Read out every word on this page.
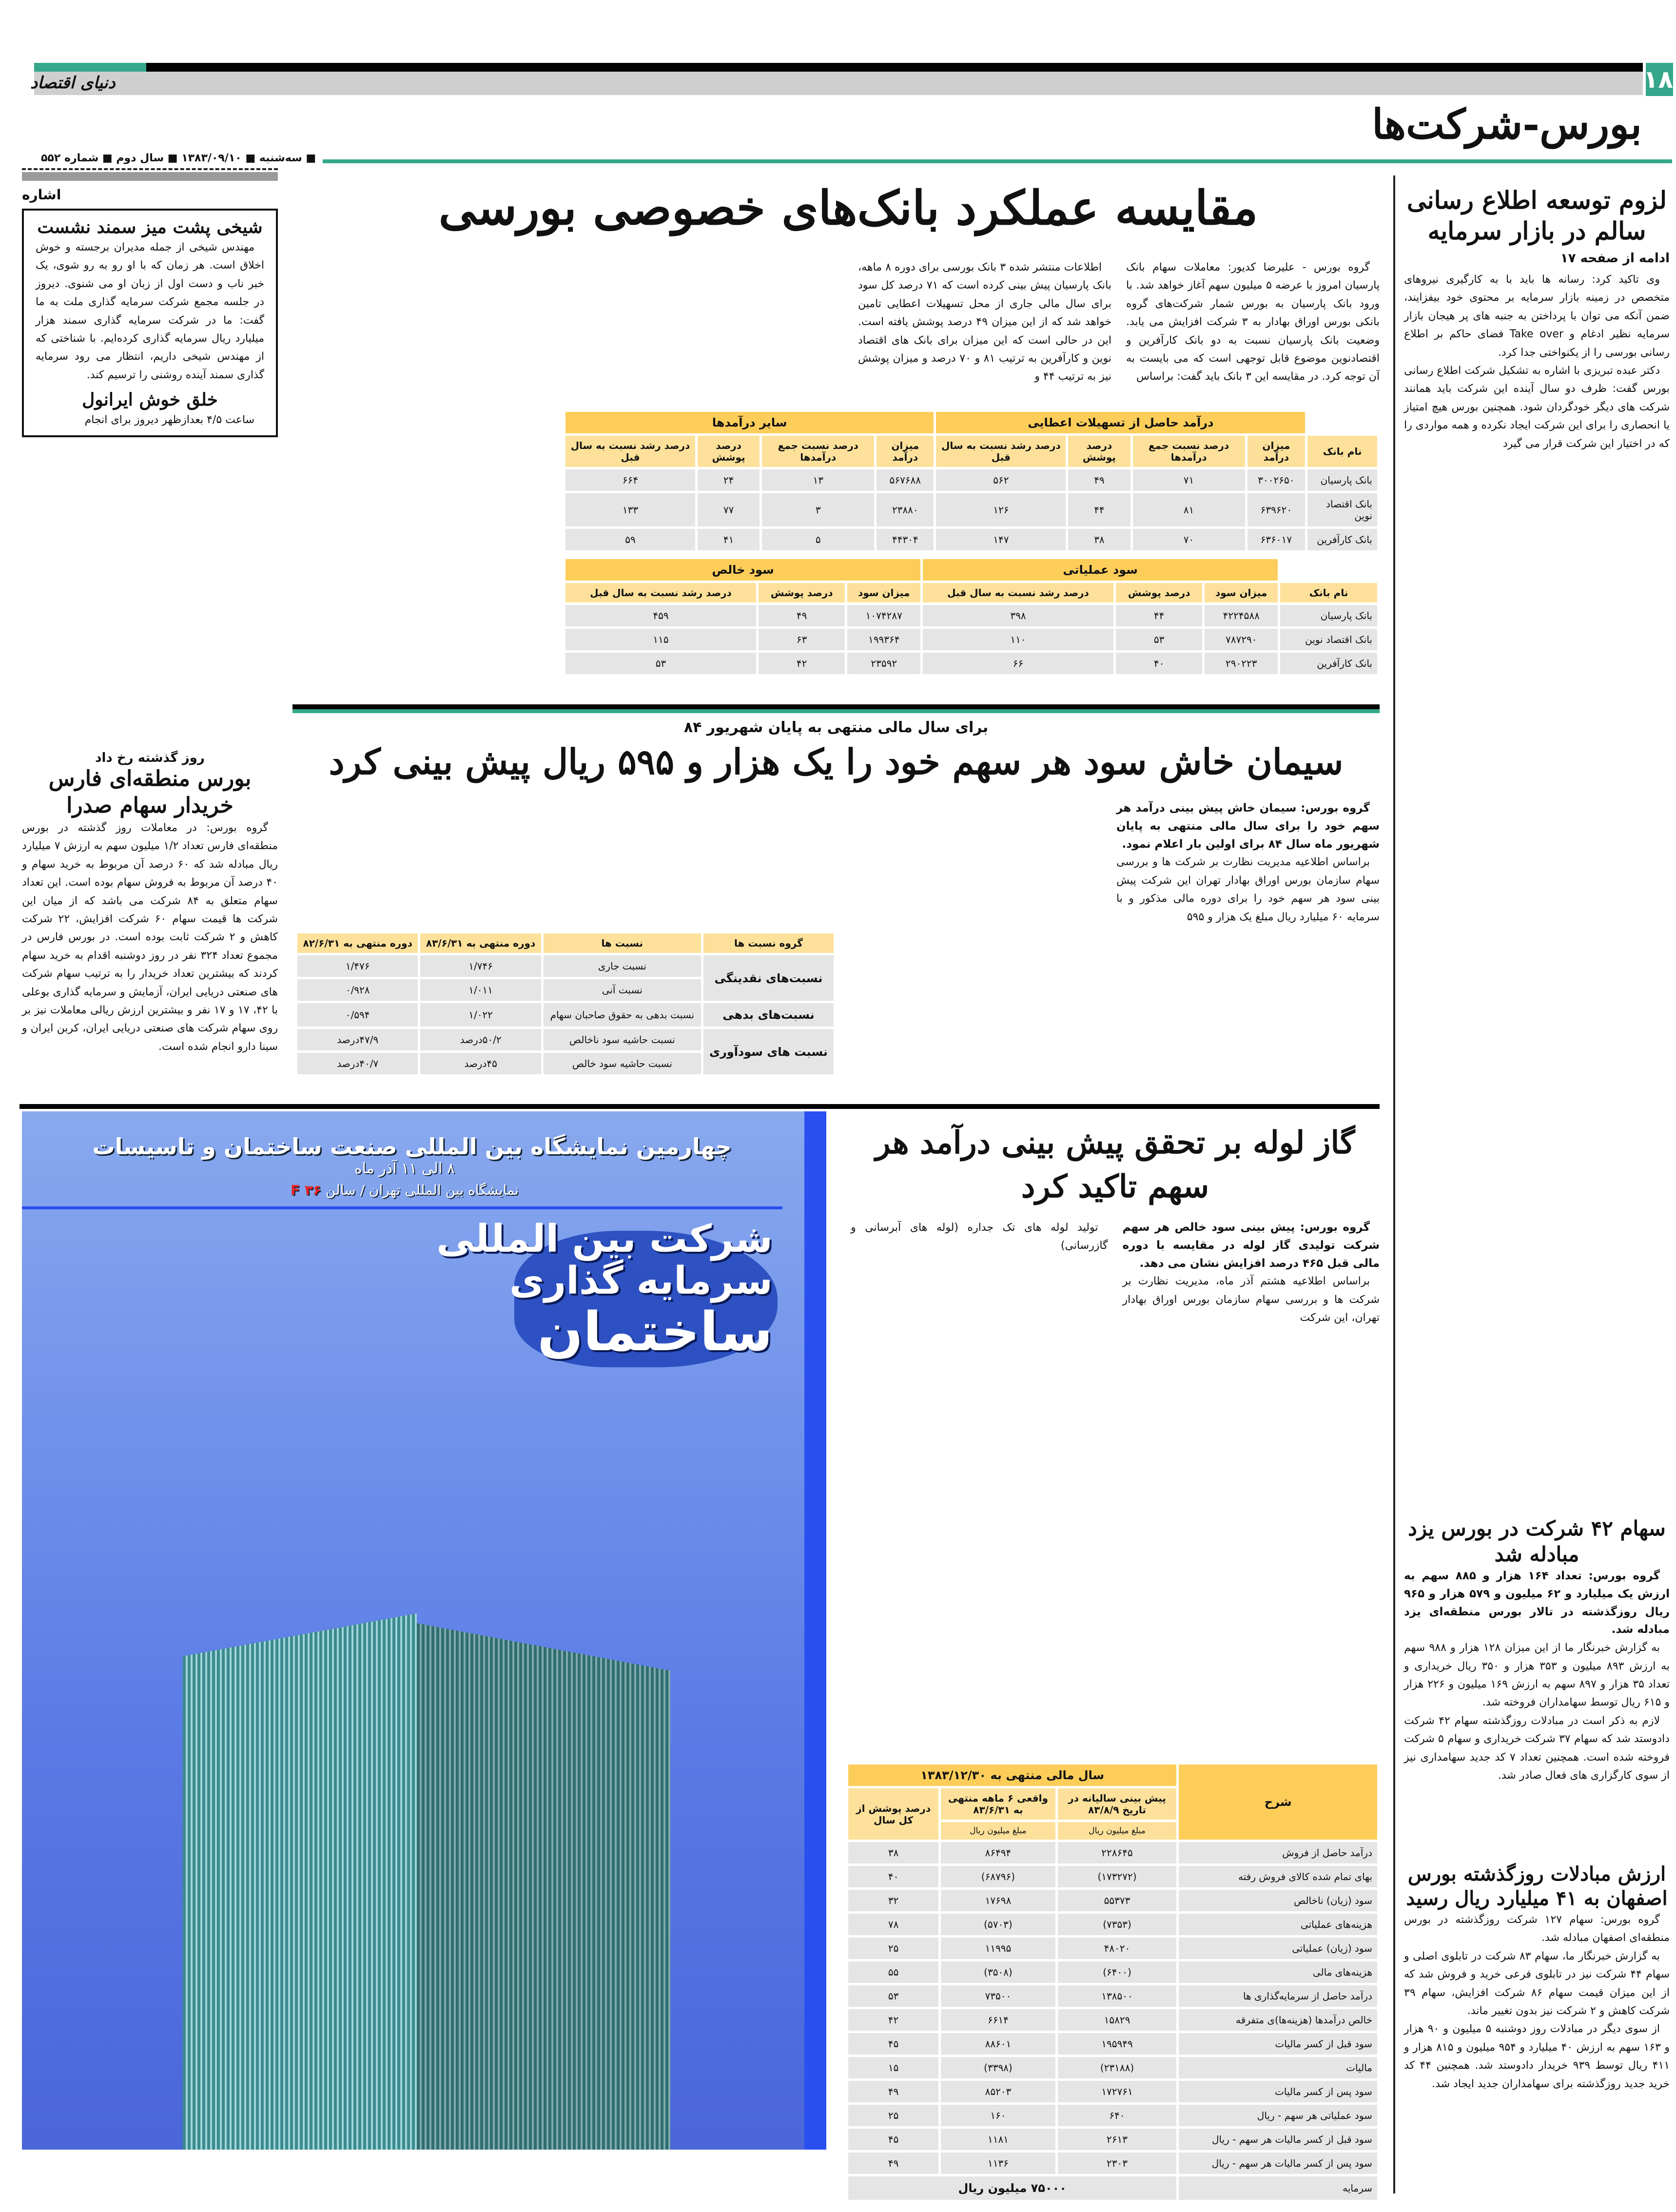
۱۸
دنیای اقتصاد
بورس-شرکت‌ها
■ سه‌شنبه ■ ۱۳۸۳/۰۹/۱۰ ■ سال دوم ■ شماره ۵۵۲
لزوم توسعه اطلاع رسانی سالم در بازار سرمایه
ادامه از صفحه ۱۷

وی تاکید کرد: رسانه ها باید با به کارگیری نیروهای متخصص در زمینه بازار سرمایه بر محتوی خود بیفزایند، ضمن آنکه می توان با پرداختن به جنبه های پر هیجان بازار سرمایه نظیر ادغام و Take over فضای حاکم بر اطلاع رسانی بورسی را از یکنواختی جدا کرد.

دکتر عبده تبریزی با اشاره به تشکیل شرکت اطلاع رسانی بورس گفت: ظرف دو سال آینده این شرکت باید همانند شرکت های دیگر خودگردان شود. همچنین بورس هیچ امتیاز یا انحصاری را برای این شرکت ایجاد نکرده و همه مواردی را که در اختیار این شرکت قرار می گیرد

سهام ۴۲ شرکت در بورس یزد مبادله شد

گروه بورس: تعداد ۱۶۴ هزار و ۸۸۵ سهم به ارزش یک میلیارد و ۶۲ میلیون و ۵۷۹ هزار و ۹۶۵ ریال روزگذشته در تالار بورس منطقه‌ای یزد مبادله شد.

به گزارش خبرنگار ما از این میزان ۱۲۸ هزار و ۹۸۸ سهم به ارزش ۸۹۳ میلیون و ۳۵۳ هزار و ۳۵۰ ریال خریداری و تعداد ۳۵ هزار و ۸۹۷ سهم به ارزش ۱۶۹ میلیون و ۲۲۶ هزار و ۶۱۵ ریال توسط سهامداران فروخته شد.

لازم به ذکر است در مبادلات روزگذشته سهام ۴۲ شرکت دادوستد شد که سهام ۳۷ شرکت خریداری و سهام ۵ شرکت فروخته شده است. همچنین تعداد ۷ کد جدید سهامداری نیز از سوی کارگزاری های فعال صادر شد.

ارزش مبادلات روزگذشته بورس اصفهان به ۴۱ میلیارد ریال رسید

گروه بورس: سهام ۱۲۷ شرکت روزگذشته در بورس منطقه‌ای اصفهان مبادله شد.

به گزارش خبرنگار ما، سهام ۸۳ شرکت در تابلوی اصلی و سهام ۴۴ شرکت نیز در تابلوی فرعی خرید و فروش شد که از این میزان قیمت سهام ۸۶ شرکت افزایش، سهام ۳۹ شرکت کاهش و ۲ شرکت نیز بدون تغییر ماند.

از سوی دیگر در مبادلات روز دوشنبه ۵ میلیون و ۹۰ هزار و ۱۶۳ سهم به ارزش ۴۰ میلیارد و ۹۵۴ میلیون و ۸۱۵ هزار و ۴۱۱ ریال توسط ۹۳۹ خریدار دادوستد شد. همچنین ۴۴ کد خرید جدید روزگذشته برای سهامداران جدید ایجاد شد.

اشاره
شیخی پشت میز سمند نشست

مهندس شیخی از جمله مدیران برجسته و خوش اخلاق است. هر زمان که با او رو به رو شوی، یک خبر ناب و دست اول از زبان او می شنوی. دیروز در جلسه مجمع شرکت سرمایه گذاری ملت به ما گفت: ما در شرکت سرمایه گذاری سمند هزار میلیارد ریال سرمایه گذاری کرده‌ایم. با شناختی که از مهندس شیخی داریم، انتظار می رود سرمایه گذاری سمند آینده روشنی را ترسیم کند.

خلق خوش ایرانول

ساعت ۴/۵ بعدازظهر دیروز برای انجام

روز گذشته رخ داد
بورس منطقه‌ای فارس خریدار سهام صدرا

گروه بورس: در معاملات روز گذشته در بورس منطقه‌ای فارس تعداد ۱/۲ میلیون سهم به ارزش ۷ میلیارد ریال مبادله شد که ۶۰ درصد آن مربوط به خرید سهام و ۴۰ درصد آن مربوط به فروش سهام بوده است. این تعداد سهام متعلق به ۸۴ شرکت می باشد که از میان این شرکت ها قیمت سهام ۶۰ شرکت افزایش، ۲۲ شرکت کاهش و ۲ شرکت ثابت بوده است. در بورس فارس در مجموع تعداد ۳۲۴ نفر در روز دوشنبه اقدام به خرید سهام کردند که بیشترین تعداد خریدار را به ترتیب سهام شرکت های صنعتی دریایی ایران، آزمایش و سرمایه گذاری بوعلی با ۴۲، ۱۷ و ۱۷ نفر و بیشترین ارزش ریالی معاملات نیز بر روی سهام شرکت های صنعتی دریایی ایران، کربن ایران و سینا دارو انجام شده است.

مقایسه عملکرد بانک‌های خصوصی بورسی

گروه بورس - علیرضا کدیور: معاملات سهام بانک پارسیان امروز با عرضه ۵ میلیون سهم آغاز خواهد شد. با ورود بانک پارسیان به بورس شمار شرکت‌های گروه بانکی بورس اوراق بهادار به ۳ شرکت افزایش می یابد. وضعیت بانک پارسیان نسبت به دو بانک کارآفرین و اقتصادنوین موضوع قابل توجهی است که می بایست به آن توجه کرد. در مقایسه این ۳ بانک باید گفت: براساس

اطلاعات منتشر شده ۳ بانک بورسی برای دوره ۸ ماهه، بانک پارسیان پیش بینی کرده است که ۷۱ درصد کل سود برای سال مالی جاری از محل تسهیلات اعطایی تامین خواهد شد که از این میزان ۴۹ درصد پوشش یافته است. این در حالی است که این میزان برای بانک های اقتصاد نوین و کارآفرین به ترتیب ۸۱ و ۷۰ درصد و میزان پوشش نیز به ترتیب ۴۴ و

	درآمد حاصل از تسهیلات اعطایی				سایر درآمدها			
نام بانک	میزان درآمد	درصد نسبت جمع درآمدها	درصد پوشش	درصد رشد نسبت به سال قبل	میزان درآمد	درصد نسبت جمع درآمدها	درصد پوشش	درصد رشد نسبت به سال قبل
بانک پارسیان	۳۰۰۲۶۵۰	۷۱	۴۹	۵۶۲	۵۶۷۶۸۸	۱۳	۲۴	۶۶۴
بانک اقتصاد نوین	۶۳۹۶۲۰	۸۱	۴۴	۱۲۶	۲۳۸۸۰	۳	۷۷	۱۳۳
بانک کارآفرین	۶۳۶۰۱۷	۷۰	۳۸	۱۴۷	۴۴۳۰۴	۵	۴۱	۵۹
	سود عملیاتی			سود خالص		
نام بانک	میزان سود	درصد پوشش	درصد رشد نسبت به سال قبل	میزان سود	درصد پوشش	درصد رشد نسبت به سال قبل
بانک پارسیان	۴۲۲۴۵۸۸	۴۴	۳۹۸	۱۰۷۴۲۸۷	۴۹	۴۵۹
بانک اقتصاد نوین	۷۸۷۲۹۰	۵۳	۱۱۰	۱۹۹۳۶۴	۶۳	۱۱۵
بانک کارآفرین	۲۹۰۲۲۳	۴۰	۶۶	۲۳۵۹۲	۴۲	۵۳
برای سال مالی منتهی به پایان شهریور ۸۴
سیمان خاش سود هر سهم خود را یک هزار و ۵۹۵ ریال پیش بینی کرد

گروه بورس: سیمان خاش پیش بینی درآمد هر سهم خود را برای سال مالی منتهی به پایان شهریور ماه سال ۸۴ برای اولین بار اعلام نمود.

براساس اطلاعیه مدیریت نظارت بر شرکت ها و بررسی سهام سازمان بورس اوراق بهادار تهران این شرکت پیش بینی سود هر سهم خود را برای دوره مالی مذکور و با سرمایه ۶۰ میلیارد ریال مبلغ یک هزار و ۵۹۵

گروه نسبت ها	نسبت ها	دوره منتهی به ۸۳/۶/۳۱	دوره منتهی به ۸۲/۶/۳۱
نسبت‌های نقدینگی	نسبت جاری	۱/۷۴۶	۱/۴۷۶
	نسبت آنی	۱/۰۱۱	۰/۹۲۸
نسبت‌های بدهی	نسبت بدهی به حقوق صاحبان سهام	۱/۰۲۲	۰/۵۹۴
نسبت های سودآوری	نسبت حاشیه سود ناخالص	۵۰/۲درصد	۴۷/۹درصد
	نسبت حاشیه سود خالص	۴۵درصد	۴۰/۷درصد
چهارمین نمایشگاه بین المللی صنعت ساختمان و تاسیسات
۸ الی ۱۱ آذر ماه
نمایشگاه بین المللی تهران / سالن F ۳۶
شرکت بین المللی
سرمایه گذاری
ساختمان
گاز لوله بر تحقق پیش بینی درآمد هر سهم تاکید کرد

گروه بورس: پیش بینی سود خالص هر سهم شرکت تولیدی گاز لوله در مقایسه با دوره مالی قبل ۴۶۵ درصد افزایش نشان می دهد.

براساس اطلاعیه هشتم آذر ماه، مدیریت نظارت بر شرکت ها و بررسی سهام سازمان بورس اوراق بهادار تهران، این شرکت

تولید لوله های تک جداره (لوله های آبرسانی و گازرسانی)

شرح	سال مالی منتهی به ۱۳۸۳/۱۲/۳۰		
	پیش بینی سالیانه در تاریخ ۸۳/۸/۹	واقعی ۶ ماهه منتهی به ۸۳/۶/۳۱	درصد پوشش از کل سال
	مبلغ میلیون ریال	مبلغ میلیون ریال	
درآمد حاصل از فروش	۲۲۸۶۴۵	۸۶۴۹۴	۳۸
بهای تمام شده کالای فروش رفته	(۱۷۳۲۷۲)	(۶۸۷۹۶)	۴۰
سود (زیان) ناخالص	۵۵۳۷۳	۱۷۶۹۸	۳۲
هزینه‌های عملیاتی	(۷۳۵۳)	(۵۷۰۳)	۷۸
سود (زیان) عملیاتی	۴۸۰۲۰	۱۱۹۹۵	۲۵
هزینه‌های مالی	(۶۴۰۰)	(۳۵۰۸)	۵۵
درآمد حاصل از سرمایه‌گذاری ها	۱۳۸۵۰۰	۷۳۵۰۰	۵۳
خالص درآمدها (هزینه‌ها)ی متفرقه	۱۵۸۲۹	۶۶۱۴	۴۲
سود قبل از کسر مالیات	۱۹۵۹۴۹	۸۸۶۰۱	۴۵
مالیات	(۲۳۱۸۸)	(۳۳۹۸)	۱۵
سود پس از کسر مالیات	۱۷۲۷۶۱	۸۵۲۰۳	۴۹
سود عملیاتی هر سهم - ریال	۶۴۰	۱۶۰	۲۵
سود قبل از کسر مالیات هر سهم - ریال	۲۶۱۳	۱۱۸۱	۴۵
سود پس از کسر مالیات هر سهم - ریال	۲۳۰۳	۱۱۳۶	۴۹
سرمایه	۷۵۰۰۰ میلیون ریال		
